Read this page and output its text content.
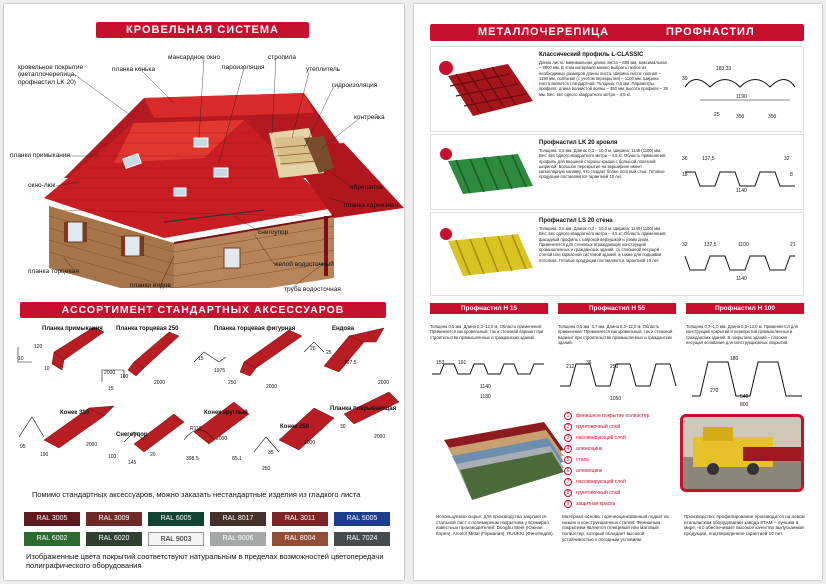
КРОВЕЛЬНАЯ СИСТЕМА
кровельное покрытие (металлочерепица, профнастил LK 20)
планка конька
мансардное окно
пароизоляция
стропила
утеплитель
гидроизоляция
контрейка
планки примыкания
окно-люк	обрешетка
планка карнизная
снегоупор
планка торцевая
желоб водосточный
планки ендов
труба водосточная
АССОРТИМЕНТ СТАНДАРТНЫХ АКСЕССУАРОВ
Планка примыкания Планка торцевая 250	Планка торцевая фигурная	Ендова
Конек 310	Конек круглый
Планка покрывающая
Снегоупор
Конек 250
120
10
10
2000
100
15
2000
15
1975
250
2000
20
25
297.5
2000
95
190
2000
100
145
20
R110
398.5	85.1
2000
35
250
2000
30
2000
Помимо стандартных аксессуаров, можно заказать нестандартные изделия из гладкого листа
RAL 3005	RAL 3009	RAL 6005	RAL 8017	RAL 3011	RAL 5005
RAL 6002	RAL 6020	RAL 9003	RAL 9006	RAL 8004	RAL 7024
Изображенные цвета покрытий соответствуют натуральным в пределах возможностей цветопередачи полиграфического оборудования
МЕТАЛЛОЧЕРЕПИЦА	ПРОФНАСТИЛ
Классический профиль L-CLASSIC
Длина листа: минимальная длина листа – 606 мм, максимальная – 8000 мм. В этом интервале можно выбрать любое из необходимых размеров длины листа. Ширина листа: полная – 1190 мм, полезная (с учетом перекрытия) – 1100 мм. Ширина листа является стандартной. Толщина: 0,5 мм. Параметры профиля: длина волнистой волны – 350 мм, высота профиля – 39 мм. Вес: вес одного квадратного метра – 4,5 кг.
183,33
39
1190
25	350	350
Профнастил LK 20 кровля
Толщина: 0,5 мм. Длина: 0,3 – 10,0 м. Ширина: 1140 (1100) мм. Вес: вес одного квадратного метра – 4,5 кг. Область применения: профиль для внешней стороны крыши с большой полезной шириной. Большое перекрытие на верширине имеет капиллярную канавку, что создает более плотный стык. Готовые продукции поставляются гарантией 10 лет.
36	137,5	32
18	8
1140
Профнастил LS 20 стена
Толщина: 0,5 мм. Длина: 0,3 – 10,0 м. Ширина: 1140 (1100) мм. Вес: вес одного квадратного метра – 4,5 кг. Область применения: фасадный профиль с широкой верхушкой и узким дном. Применяется для стеновых ограждающих конструкций промышленных и гражданских зданий, со сплошной несущей стеной или каркасной системой зданий, а также для подшивки потолков. Готовые продукции поставляются гарантией 10 лет.
32	137,5	1100	21
1140
Профнастил Н 15	Профнастил Н 55	Профнастил Н 100
Толщина 0,5 мм. Длина 0,3–12,0 м. Область применения: Применяется как кровельный, так и стеновой вариант при строительстве промышленных и гражданских зданий.
Толщина 0,5 мм. 0,7 мм. Длина 0,3–12,0 м. Область применения: Применяется как кровельный, так и стеновой вариант при строительстве промышленных и гражданских зданий.
Толщина 0,7–1,0 мм. Длина 0,5–12,0 м. Применяется для конструкций покрытий и перекрытий промышленных и гражданских зданий. В покрытиях зданий – плоская несущая основание для конструкционных покрытий.
153	191
1140
1180
212
36
250
1050
180
270
540
800
1	финишное покрытие полиэстер
2	грунтовочный слой
3	пассивирующий слой
4	алюмоцинк
5	сталь
6	алюмоцинк
7	пассивирующий слой
8	грунтовочный слой
9	защитная краска
Используемое сырье: для производства закупается стальной лист с полимерным покрытием у всемирно известных производителей: Dongbu Steel (Южная Корея), Arcelor Mittal (Германия), RUUKKI (Финляндия).
Материал-основа: горячеоцинкованный подкат из низких и конструкционных сталей. Финишным покрытием является глянцевый или матовый полиэстер, который обладает высокой устойчивостью к погодным условиям.
Производство: профилирование производится на новом итальянском оборудовании завода STAM – лучшем в мире, что обеспечивает высокое качество выпускаемой продукции, подтвержденное гарантией 10 лет.
